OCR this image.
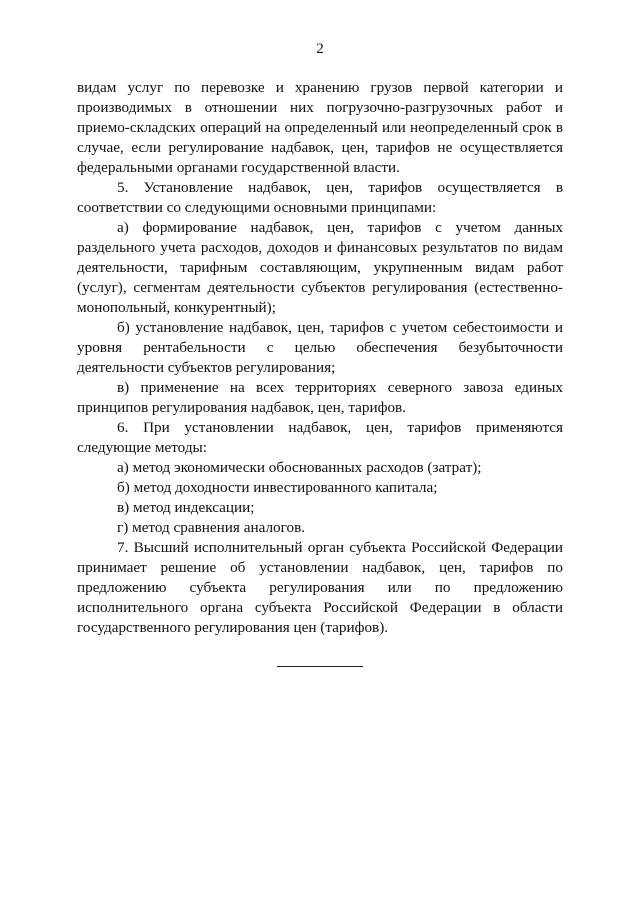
2

видам услуг по перевозке и хранению грузов первой категории и производимых в отношении них погрузочно-разгрузочных работ и приемо-складских операций на определенный или неопределенный срок в случае, если регулирование надбавок, цен, тарифов не осуществляется федеральными органами государственной власти.

5. Установление надбавок, цен, тарифов осуществляется в соответствии со следующими основными принципами:

а) формирование надбавок, цен, тарифов с учетом данных раздельного учета расходов, доходов и финансовых результатов по видам деятельности, тарифным составляющим, укрупненным видам работ (услуг), сегментам деятельности субъектов регулирования (естественно-монопольный, конкурентный);

б) установление надбавок, цен, тарифов с учетом себестоимости и уровня рентабельности с целью обеспечения безубыточности деятельности субъектов регулирования;

в) применение на всех территориях северного завоза единых принципов регулирования надбавок, цен, тарифов.

6. При установлении надбавок, цен, тарифов применяются следующие методы:

а) метод экономически обоснованных расходов (затрат);

б) метод доходности инвестированного капитала;

в) метод индексации;

г) метод сравнения аналогов.

7. Высший исполнительный орган субъекта Российской Федерации принимает решение об установлении надбавок, цен, тарифов по предложению субъекта регулирования или по предложению исполнительного органа субъекта Российской Федерации в области государственного регулирования цен (тарифов).
